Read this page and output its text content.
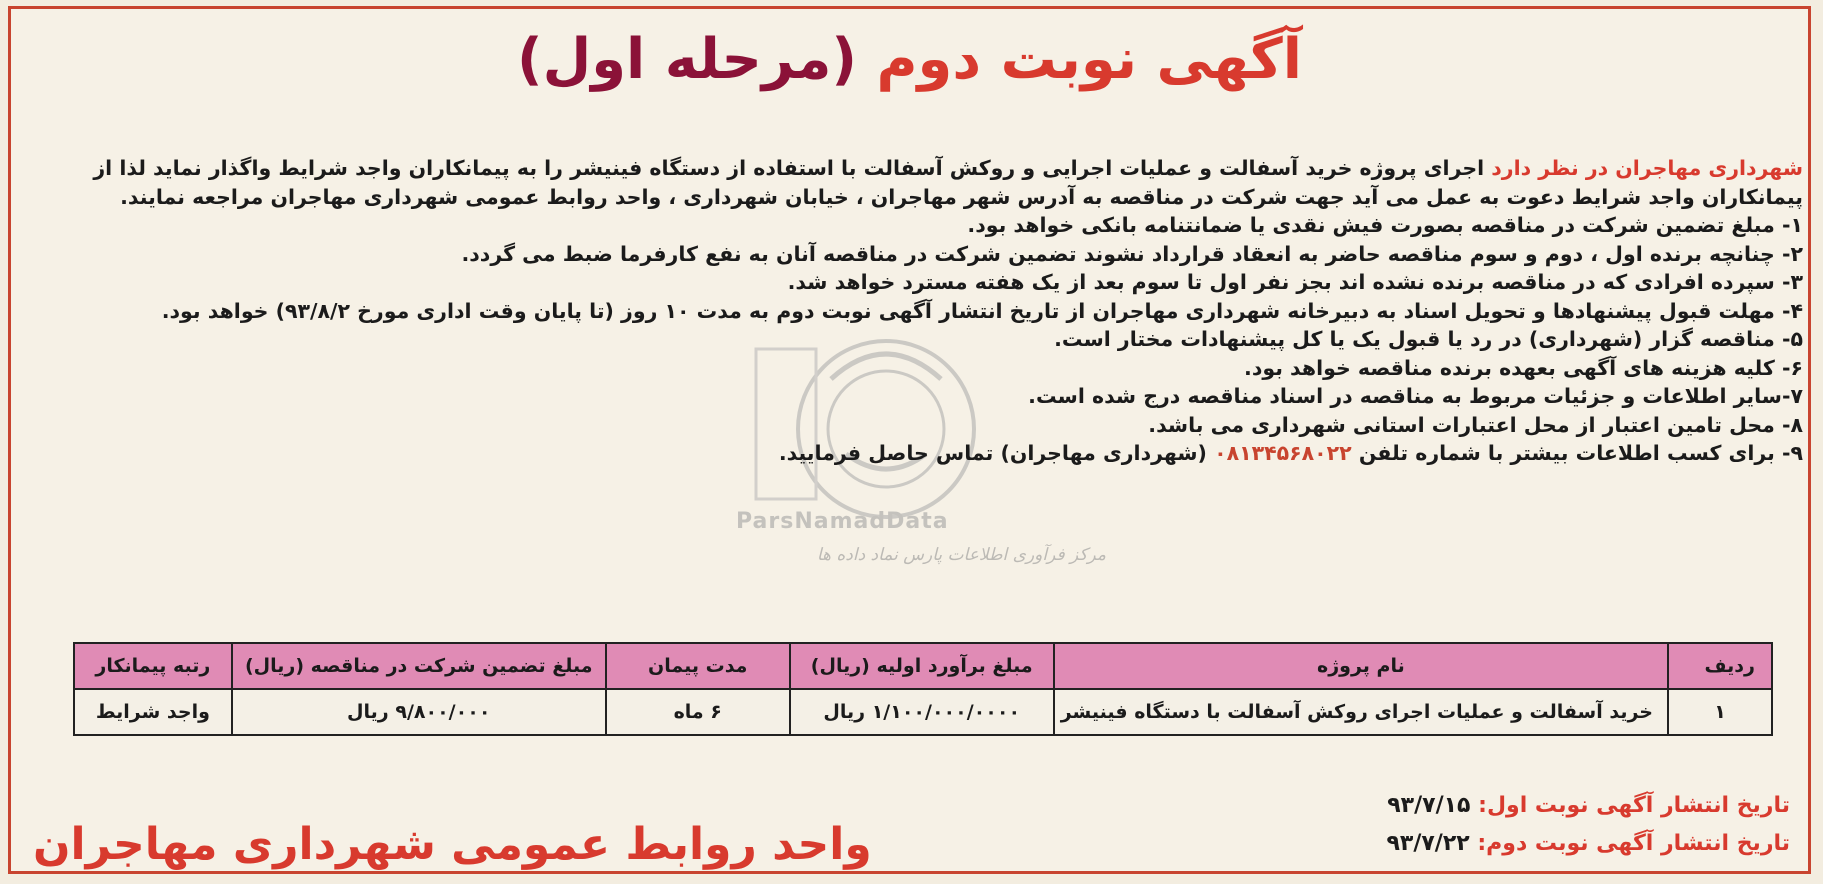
آگهی نوبت دوم (مرحله اول)
ParsNamadData
مرکز فرآوری اطلاعات پارس نماد داده ها
شهرداری مهاجران در نظر دارد اجرای پروژه خرید آسفالت و عملیات اجرایی و روکش آسفالت با استفاده از دستگاه فینیشر را به پیمانکاران واجد شرایط واگذار نماید لذا از
پیمانکاران واجد شرایط دعوت به عمل می آید جهت شرکت در مناقصه به آدرس شهر مهاجران ، خیابان شهرداری ، واحد روابط عمومی شهرداری مهاجران مراجعه نمایند.
۱- مبلغ تضمین شرکت در مناقصه بصورت فیش نقدی یا ضمانتنامه بانکی خواهد بود.
۲- چنانچه برنده اول ، دوم و سوم مناقصه حاضر به انعقاد قرارداد نشوند تضمین شرکت در مناقصه آنان به نفع کارفرما ضبط می گردد.
۳- سپرده افرادی که در مناقصه برنده نشده اند بجز نفر اول تا سوم بعد از یک هفته مسترد خواهد شد.
۴- مهلت قبول پیشنهادها و تحویل اسناد به دبیرخانه شهرداری مهاجران از تاریخ انتشار آگهی نوبت دوم به مدت ۱۰ روز (تا پایان وقت اداری مورخ ۹۳/۸/۲) خواهد بود.
۵- مناقصه گزار (شهرداری) در رد یا قبول یک یا کل پیشنهادات مختار است.
۶- کلیه هزینه های آگهی بعهده برنده مناقصه خواهد بود.
۷-سایر اطلاعات و جزئیات مربوط به مناقصه در اسناد مناقصه درج شده است.
۸- محل تامین اعتبار از محل اعتبارات استانی شهرداری می باشد.
۹- برای کسب اطلاعات بیشتر با شماره تلفن ۰۸۱۳۴۵۶۸۰۲۲ (شهرداری مهاجران) تماس حاصل فرمایید.
ردیف	نام پروژه	مبلغ برآورد اولیه (ریال)	مدت پیمان	مبلغ تضمین شرکت در مناقصه (ریال)	رتبه پیمانکار
۱	خرید آسفالت و عملیات اجرای روکش آسفالت با دستگاه فینیشر	۱/۱۰۰/۰۰۰/۰۰۰۰ ریال	۶ ماه	۹/۸۰۰/۰۰۰ ریال	واجد شرایط
تاریخ انتشار آگهی نوبت اول: ۹۳/۷/۱۵
تاریخ انتشار آگهی نوبت دوم: ۹۳/۷/۲۲
واحد روابط عمومی شهرداری مهاجران
